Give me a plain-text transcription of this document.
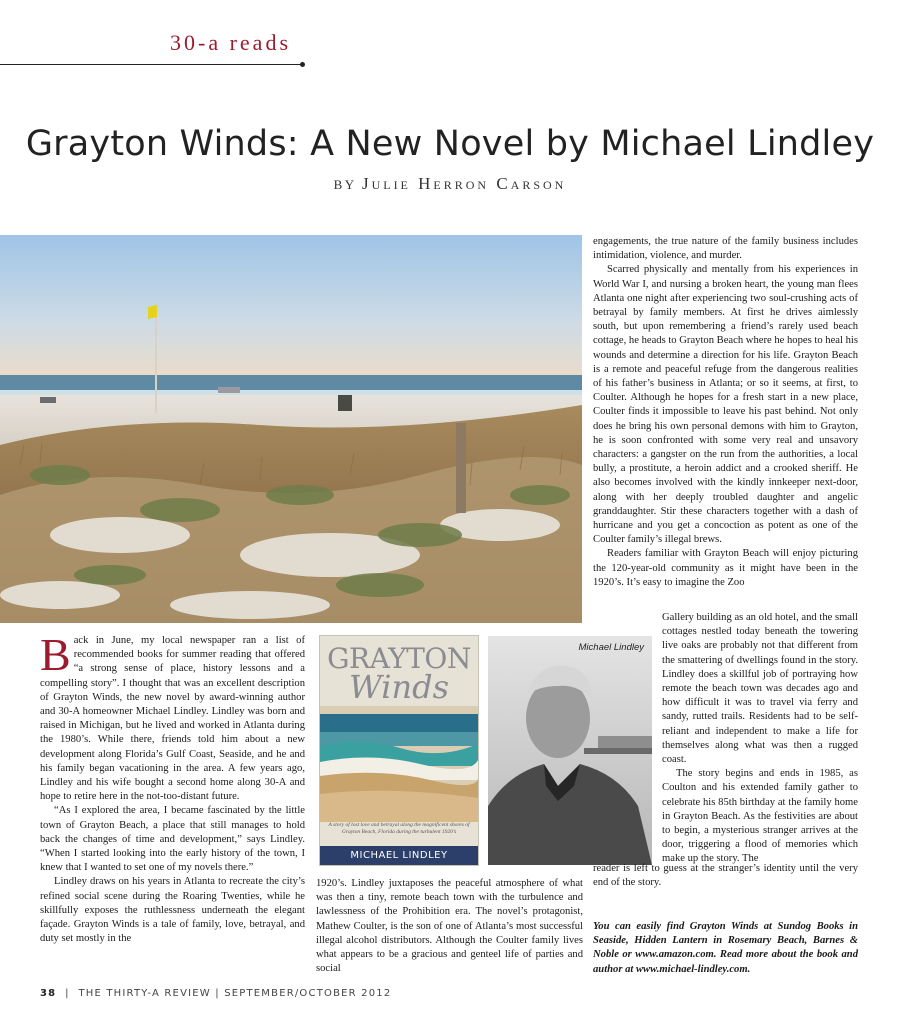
30-a reads
Grayton Winds: A New Novel by Michael Lindley
BY Julie Herron Carson

Back in June, my local newspaper ran a list of recommended books for summer reading that offered “a strong sense of place, history lessons and a compelling story”. I thought that was an excellent description of Grayton Winds, the new novel by award-winning author and 30-A homeowner Michael Lindley. Lindley was born and raised in Michigan, but he lived and worked in Atlanta during the 1980’s. While there, friends told him about a new development along Florida’s Gulf Coast, Seaside, and he and his family began vacationing in the area. A few years ago, Lindley and his wife bought a second home along 30-A and hope to retire here in the not-too-distant future.

“As I explored the area, I became fascinated by the little town of Grayton Beach, a place that still manages to hold back the changes of time and development,” says Lindley. “When I started looking into the early history of the town, I knew that I wanted to set one of my novels there.”

Lindley draws on his years in Atlanta to recreate the city’s refined social scene during the Roaring Twenties, while he skillfully exposes the ruthlessness underneath the elegant façade. Grayton Winds is a tale of family, love, betrayal, and duty set mostly in the

GRAYTON
Winds
A story of lost love and betrayal along the magnificent shores of Grayton Beach, Florida during the turbulent 1920’s
MICHAEL LINDLEY
Michael Lindley

1920’s. Lindley juxtaposes the peaceful atmosphere of what was then a tiny, remote beach town with the turbulence and lawlessness of the Prohibition era. The novel’s protagonist, Mathew Coulter, is the son of one of Atlanta’s most successful illegal alcohol distributors. Although the Coulter family lives what appears to be a gracious and genteel life of parties and social

engagements, the true nature of the family business includes intimidation, violence, and murder.

Scarred physically and mentally from his experiences in World War I, and nursing a broken heart, the young man flees Atlanta one night after experiencing two soul-crushing acts of betrayal by family members. At first he drives aimlessly south, but upon remembering a friend’s rarely used beach cottage, he heads to Grayton Beach where he hopes to heal his wounds and determine a direction for his life. Grayton Beach is a remote and peaceful refuge from the dangerous realities of his father’s business in Atlanta; or so it seems, at first, to Coulter. Although he hopes for a fresh start in a new place, Coulter finds it impossible to leave his past behind. Not only does he bring his own personal demons with him to Grayton, he is soon confronted with some very real and unsavory characters: a gangster on the run from the authorities, a local bully, a prostitute, a heroin addict and a crooked sheriff. He also becomes involved with the kindly innkeeper next-door, along with her deeply troubled daughter and angelic granddaughter. Stir these characters together with a dash of hurricane and you get a concoction as potent as one of the Coulter family’s illegal brews.

Readers familiar with Grayton Beach will enjoy picturing the 120-year-old community as it might have been in the 1920’s. It’s easy to imagine the Zoo

Gallery building as an old hotel, and the small cottages nestled today beneath the towering live oaks are probably not that different from the smattering of dwellings found in the story. Lindley does a skillful job of portraying how remote the beach town was decades ago and how difficult it was to travel via ferry and sandy, rutted trails. Residents had to be self-reliant and independent to make a life for themselves along what was then a rugged coast.

The story begins and ends in 1985, as Coulton and his extended family gather to celebrate his 85th birthday at the family home in Grayton Beach. As the festivities are about to begin, a mysterious stranger arrives at the door, triggering a flood of memories which make up the story. The

reader is left to guess at the stranger’s identity until the very end of the story.

You can easily find Grayton Winds at Sundog Books in Seaside, Hidden Lantern in Rosemary Beach, Barnes & Noble or www.amazon.com. Read more about the book and author at www.michael-lindley.com.
38  |  THE THIRTY-A REVIEW | SEPTEMBER/OCTOBER 2012
